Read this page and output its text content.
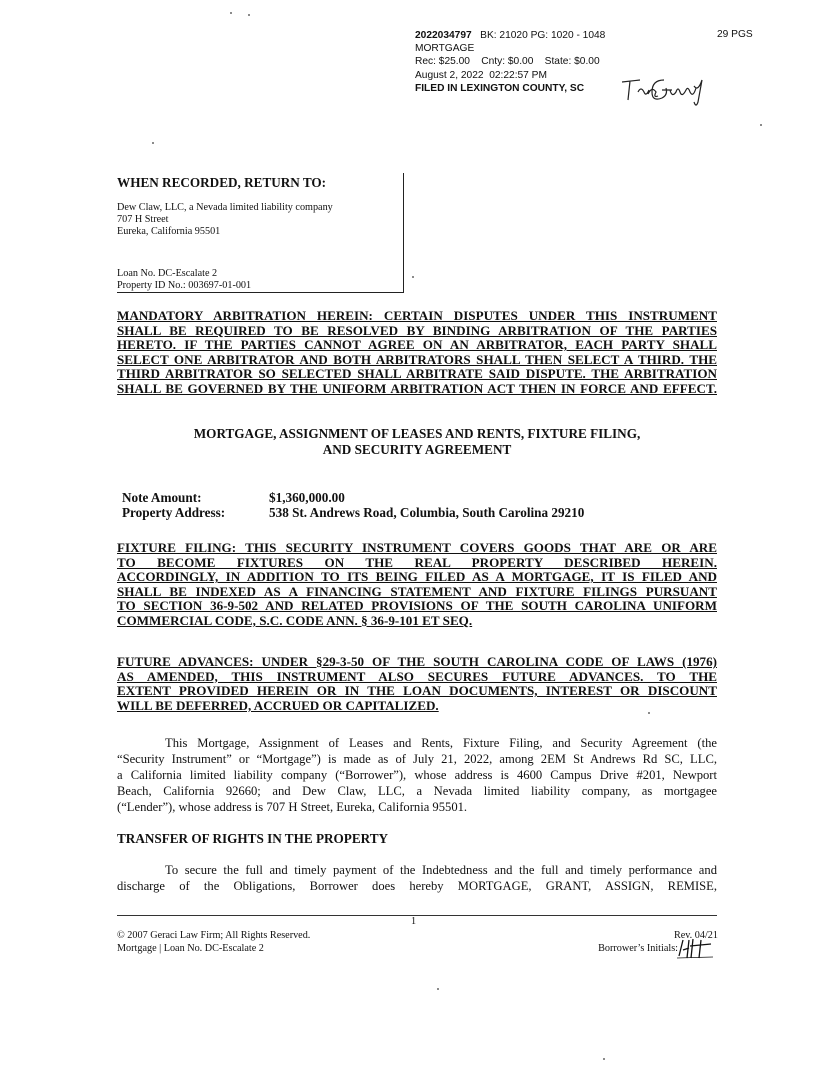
2022034797 BK: 21020 PG: 1020 - 1048
MORTGAGE
Rec: $25.00    Cnty: $0.00    State: $0.00
August 2, 2022  02:22:57 PM
FILED IN LEXINGTON COUNTY, SC
29 PGS
WHEN RECORDED, RETURN TO:
Dew Claw, LLC, a Nevada limited liability company
707 H Street
Eureka, California 95501
Loan No. DC-Escalate 2
Property ID No.: 003697-01-001
MANDATORY ARBITRATION HEREIN: CERTAIN DISPUTES UNDER THIS INSTRUMENT
SHALL BE REQUIRED TO BE RESOLVED BY BINDING ARBITRATION OF THE PARTIES
HERETO. IF THE PARTIES CANNOT AGREE ON AN ARBITRATOR, EACH PARTY SHALL
SELECT ONE ARBITRATOR AND BOTH ARBITRATORS SHALL THEN SELECT A THIRD. THE
THIRD ARBITRATOR SO SELECTED SHALL ARBITRATE SAID DISPUTE. THE ARBITRATION
SHALL BE GOVERNED BY THE UNIFORM ARBITRATION ACT THEN IN FORCE AND EFFECT.
MORTGAGE, ASSIGNMENT OF LEASES AND RENTS, FIXTURE FILING,
AND SECURITY AGREEMENT
Note Amount:	$1,360,000.00
Property Address:	538 St. Andrews Road, Columbia, South Carolina 29210
FIXTURE FILING: THIS SECURITY INSTRUMENT COVERS GOODS THAT ARE OR ARE
TO BECOME FIXTURES ON THE REAL PROPERTY DESCRIBED HEREIN.
ACCORDINGLY, IN ADDITION TO ITS BEING FILED AS A MORTGAGE, IT IS FILED AND
SHALL BE INDEXED AS A FINANCING STATEMENT AND FIXTURE FILINGS PURSUANT
TO SECTION 36-9-502 AND RELATED PROVISIONS OF THE SOUTH CAROLINA UNIFORM
COMMERCIAL CODE, S.C. CODE ANN. § 36-9-101 ET SEQ.
FUTURE ADVANCES: UNDER §29-3-50 OF THE SOUTH CAROLINA CODE OF LAWS (1976)
AS AMENDED, THIS INSTRUMENT ALSO SECURES FUTURE ADVANCES. TO THE
EXTENT PROVIDED HEREIN OR IN THE LOAN DOCUMENTS, INTEREST OR DISCOUNT
WILL BE DEFERRED, ACCRUED OR CAPITALIZED.
This Mortgage, Assignment of Leases and Rents, Fixture Filing, and Security Agreement (the
“Security Instrument” or “Mortgage”) is made as of July 21, 2022, among 2EM St Andrews Rd SC, LLC,
a California limited liability company (“Borrower”), whose address is 4600 Campus Drive #201, Newport
Beach, California 92660; and Dew Claw, LLC, a Nevada limited liability company, as mortgagee
(“Lender”), whose address is 707 H Street, Eureka, California 95501.
TRANSFER OF RIGHTS IN THE PROPERTY
To secure the full and timely payment of the Indebtedness and the full and timely performance and
discharge of the Obligations, Borrower does hereby MORTGAGE, GRANT, ASSIGN, REMISE,
1
© 2007 Geraci Law Firm; All Rights Reserved.
Mortgage | Loan No. DC-Escalate 2
Rev. 04/21
Borrower’s Initials:
